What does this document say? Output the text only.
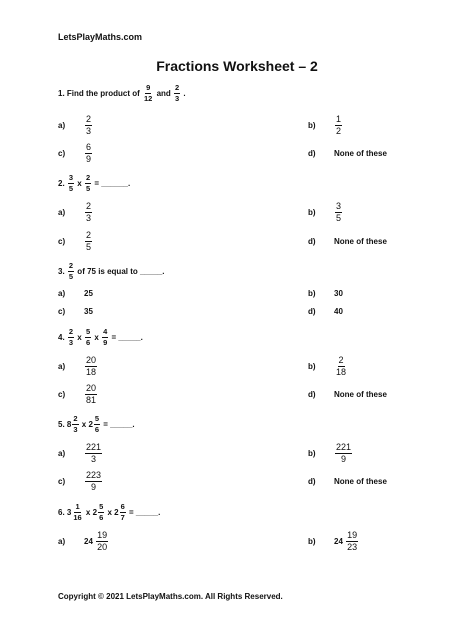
LetsPlayMaths.com
Fractions Worksheet – 2
1. Find the product of $\frac{9}{12}$ and $\frac{2}{3}$ .
a)	$\frac{2}{3}$	b)	$\frac{1}{2}$
c)	$\frac{6}{9}$	d)	None of these
2. $\frac{3}{5}$ x $\frac{2}{5}$ = ______.
a)	$\frac{2}{3}$	b)	$\frac{3}{5}$
c)	$\frac{2}{5}$	d)	None of these
3. $\frac{2}{5}$ of 75 is equal to _____.
a)	25	b)	30
c)	35	d)	40
4. $\frac{2}{3}$ x $\frac{5}{6}$ x $\frac{4}{9}$ = _____.
a)	$\frac{20}{18}$	b)	$\frac{2}{18}$
c)	$\frac{20}{81}$	d)	None of these
5. $8 \frac{2}{3}$ x $2 \frac{5}{6}$ = _____.
a)	$\frac{221}{3}$	b)	$\frac{221}{9}$
c)	$\frac{223}{9}$	d)	None of these
6. $3 \frac{1}{16}$ x $2 \frac{5}{6}$ x $2 \frac{6}{7}$ = _____.
a)	$24 \frac{19}{20}$	b)	$24 \frac{19}{23}$
Copyright © 2021 LetsPlayMaths.com. All Rights Reserved.
